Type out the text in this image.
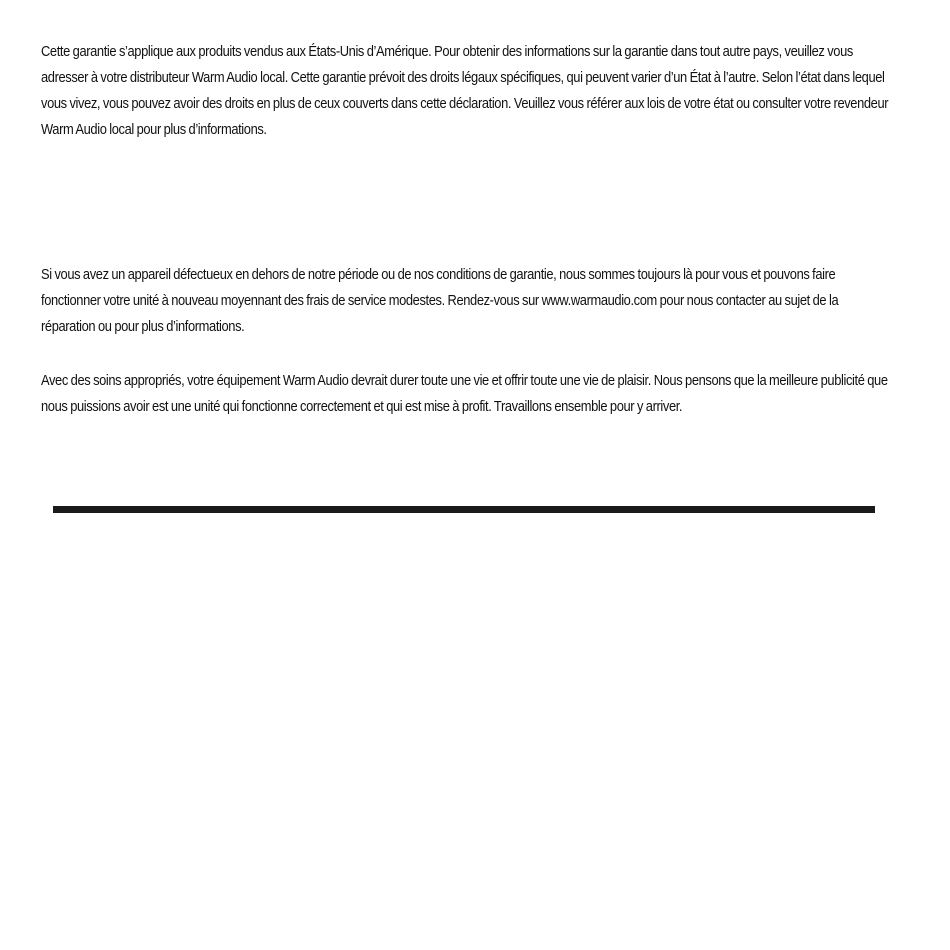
Cette garantie s’applique aux produits vendus aux États-Unis d’Amérique. Pour obtenir des informations sur la garantie dans tout autre pays, veuillez vous adresser à votre distributeur Warm Audio local. Cette garantie prévoit des droits légaux spécifiques, qui peuvent varier d’un État à l’autre. Selon l’état dans lequel vous vivez, vous pouvez avoir des droits en plus de ceux couverts dans cette déclaration. Veuillez vous référer aux lois de votre état ou consulter votre revendeur Warm Audio local pour plus d’informations.

Si vous avez un appareil défectueux en dehors de notre période ou de nos conditions de garantie, nous sommes toujours là pour vous et pouvons faire fonctionner votre unité à nouveau moyennant des frais de service modestes. Rendez-vous sur www.warmaudio.com pour nous contacter au sujet de la réparation ou pour plus d’informations.

Avec des soins appropriés, votre équipement Warm Audio devrait durer toute une vie et offrir toute une vie de plaisir. Nous pensons que la meilleure publicité que nous puissions avoir est une unité qui fonctionne correctement et qui est mise à profit. Travaillons ensemble pour y arriver.
